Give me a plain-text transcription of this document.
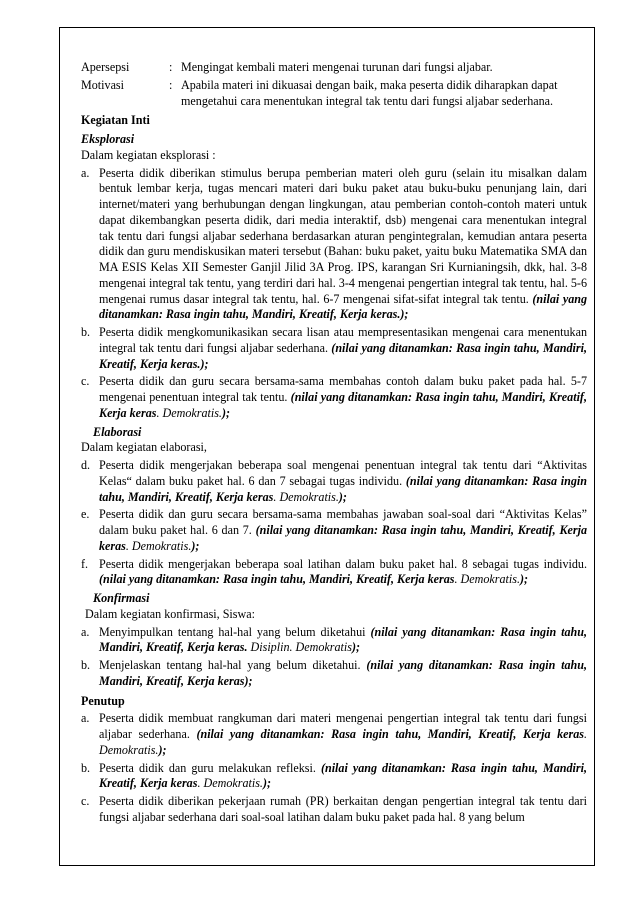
Apersepsi	: Mengingat kembali materi mengenai turunan dari fungsi aljabar.
Motivasi	: Apabila materi ini dikuasai dengan baik, maka peserta didik diharapkan dapat mengetahui cara menentukan integral tak tentu dari fungsi aljabar sederhana.
Kegiatan Inti
Eksplorasi
Dalam kegiatan eksplorasi :
a. Peserta didik diberikan stimulus berupa pemberian materi oleh guru (selain itu misalkan dalam bentuk lembar kerja, tugas mencari materi dari buku paket atau buku-buku penunjang lain, dari internet/materi yang berhubungan dengan lingkungan, atau pemberian contoh-contoh materi untuk dapat dikembangkan peserta didik, dari media interaktif, dsb) mengenai cara menentukan integral tak tentu dari fungsi aljabar sederhana berdasarkan aturan pengintegralan, kemudian antara peserta didik dan guru mendiskusikan materi tersebut (Bahan: buku paket, yaitu buku Matematika SMA dan MA ESIS Kelas XII Semester Ganjil Jilid 3A Prog. IPS, karangan Sri Kurnianingsih, dkk, hal. 3-8 mengenai integral tak tentu, yang terdiri dari hal. 3-4 mengenai pengertian integral tak tentu, hal. 5-6 mengenai rumus dasar integral tak tentu, hal. 6-7 mengenai sifat-sifat integral tak tentu. (nilai yang ditanamkan: Rasa ingin tahu, Mandiri, Kreatif, Kerja keras.);
b. Peserta didik mengkomunikasikan secara lisan atau mempresentasikan mengenai cara menentukan integral tak tentu dari fungsi aljabar sederhana. (nilai yang ditanamkan: Rasa ingin tahu, Mandiri, Kreatif, Kerja keras.);
c. Peserta didik dan guru secara bersama-sama membahas contoh dalam buku paket pada hal. 5-7 mengenai penentuan integral tak tentu. (nilai yang ditanamkan: Rasa ingin tahu, Mandiri, Kreatif, Kerja keras. Demokratis.);
Elaborasi
Dalam kegiatan elaborasi,
d. Peserta didik mengerjakan beberapa soal mengenai penentuan integral tak tentu dari “Aktivitas Kelas“ dalam buku paket hal. 6 dan 7 sebagai tugas individu. (nilai yang ditanamkan: Rasa ingin tahu, Mandiri, Kreatif, Kerja keras. Demokratis.);
e. Peserta didik dan guru secara bersama-sama membahas jawaban soal-soal dari “Aktivitas Kelas” dalam buku paket hal. 6 dan 7. (nilai yang ditanamkan: Rasa ingin tahu, Mandiri, Kreatif, Kerja keras. Demokratis.);
f. Peserta didik mengerjakan beberapa soal latihan dalam buku paket hal. 8 sebagai tugas individu. (nilai yang ditanamkan: Rasa ingin tahu, Mandiri, Kreatif, Kerja keras. Demokratis.);
Konfirmasi
Dalam kegiatan konfirmasi, Siswa:
a. Menyimpulkan tentang hal-hal yang belum diketahui (nilai yang ditanamkan: Rasa ingin tahu, Mandiri, Kreatif, Kerja keras. Disiplin. Demokratis);
b. Menjelaskan tentang hal-hal yang belum diketahui. (nilai yang ditanamkan: Rasa ingin tahu, Mandiri, Kreatif, Kerja keras);
Penutup
a. Peserta didik membuat rangkuman dari materi mengenai pengertian integral tak tentu dari fungsi aljabar sederhana. (nilai yang ditanamkan: Rasa ingin tahu, Mandiri, Kreatif, Kerja keras. Demokratis.);
b. Peserta didik dan guru melakukan refleksi. (nilai yang ditanamkan: Rasa ingin tahu, Mandiri, Kreatif, Kerja keras. Demokratis.);
c. Peserta didik diberikan pekerjaan rumah (PR) berkaitan dengan pengertian integral tak tentu dari fungsi aljabar sederhana dari soal-soal latihan dalam buku paket pada hal. 8 yang belum
